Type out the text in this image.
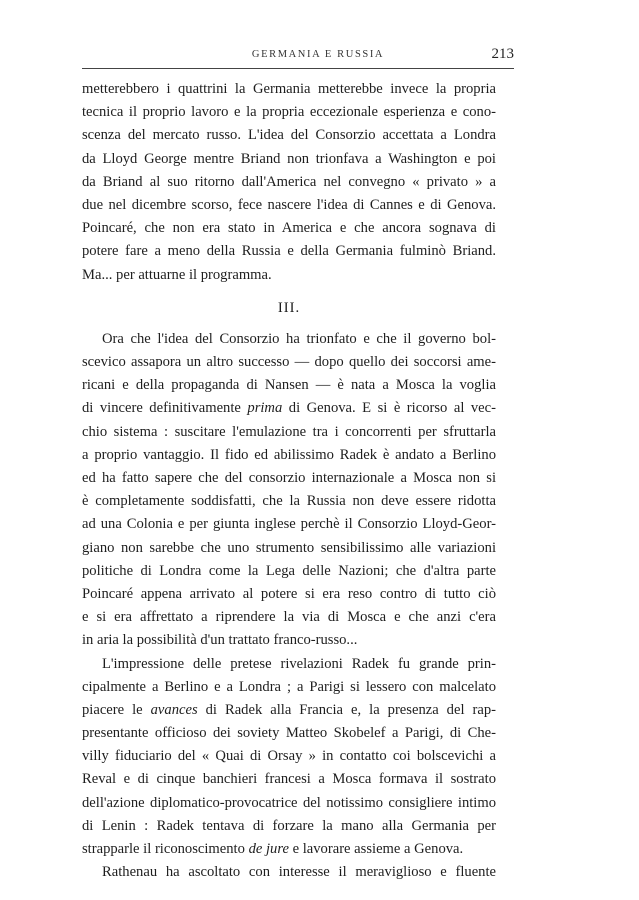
GERMANIA E RUSSIA	213
metterebbero i quattrini la Germania metterebbe invece la propria
tecnica il proprio lavoro e la propria eccezionale esperienza e cono-
scenza del mercato russo. L'idea del Consorzio accettata a Londra
da Lloyd George mentre Briand non trionfava a Washington e poi
da Briand al suo ritorno dall'America nel convegno « privato » a
due nel dicembre scorso, fece nascere l'idea di Cannes e di Genova.
Poincaré, che non era stato in America e che ancora sognava di
potere fare a meno della Russia e della Germania fulminò Briand.
Ma... per attuarne il programma.
III.
Ora che l'idea del Consorzio ha trionfato e che il governo bol-
scevico assapora un altro successo — dopo quello dei soccorsi ame-
ricani e della propaganda di Nansen — è nata a Mosca la voglia
di vincere definitivamente prima di Genova. E si è ricorso al vec-
chio sistema : suscitare l'emulazione tra i concorrenti per sfruttarla
a proprio vantaggio. Il fido ed abilissimo Radek è andato a Berlino
ed ha fatto sapere che del consorzio internazionale a Mosca non si
è completamente soddisfatti, che la Russia non deve essere ridotta
ad una Colonia e per giunta inglese perchè il Consorzio Lloyd-Geor-
giano non sarebbe che uno strumento sensibilissimo alle variazioni
politiche di Londra come la Lega delle Nazioni; che d'altra parte
Poincaré appena arrivato al potere si era reso contro di tutto ciò
e si era affrettato a riprendere la via di Mosca e che anzi c'era
in aria la possibilità d'un trattato franco-russo...
L'impressione delle pretese rivelazioni Radek fu grande prin-
cipalmente a Berlino e a Londra ; a Parigi si lessero con malcelato
piacere le avances di Radek alla Francia e, la presenza del rap-
presentante officioso dei soviety Matteo Skobelef a Parigi, di Che-
villy fiduciario del « Quai di Orsay » in contatto coi bolscevichi a
Reval e di cinque banchieri francesi a Mosca formava il sostrato
dell'azione diplomatico-provocatrice del notissimo consigliere intimo
di Lenin : Radek tentava di forzare la mano alla Germania per
strapparle il riconoscimento de jure e lavorare assieme a Genova.
Rathenau ha ascoltato con interesse il meraviglioso e fluente
